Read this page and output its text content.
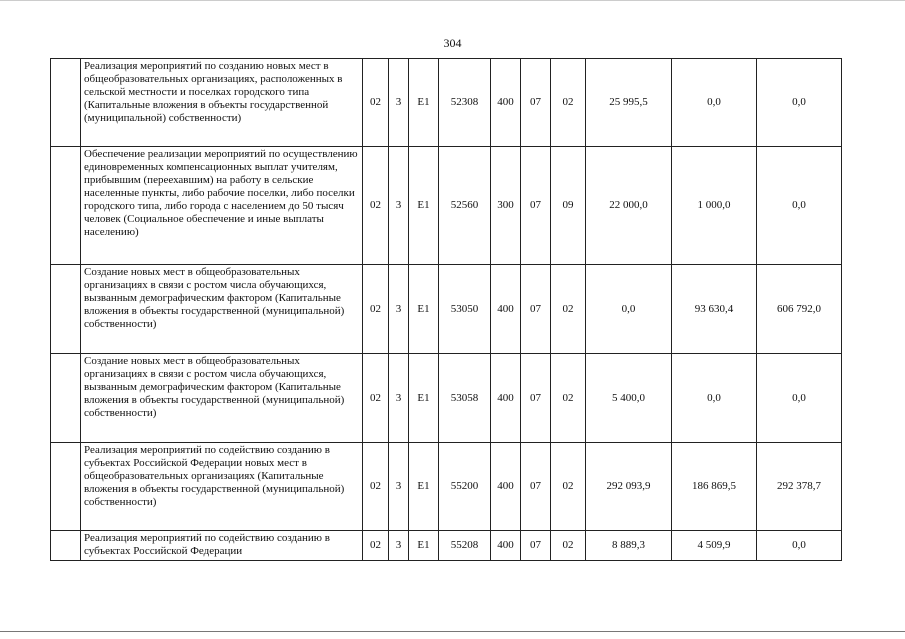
304
	Реализация мероприятий по созданию новых мест в общеобразовательных организациях, расположенных в сельской местности и поселках городского типа (Капитальные вложения в объекты государственной (муниципальной) собственности)	02	3	E1	52308	400	07	02	25 995,5	0,0	0,0
	Обеспечение реализации мероприятий по осуществлению единовременных компенсационных выплат учителям, прибывшим (переехавшим) на работу в сельские населенные пункты, либо рабочие поселки, либо поселки городского типа, либо города с населением до 50 тысяч человек (Социальное обеспечение и иные выплаты населению)	02	3	E1	52560	300	07	09	22 000,0	1 000,0	0,0
	Создание новых мест в общеобразовательных организациях в связи с ростом числа обучающихся, вызванным демографическим фактором (Капитальные вложения в объекты государственной (муниципальной) собственности)	02	3	E1	53050	400	07	02	0,0	93 630,4	606 792,0
	Создание новых мест в общеобразовательных организациях в связи с ростом числа обучающихся, вызванным демографическим фактором (Капитальные вложения в объекты государственной (муниципальной) собственности)	02	3	E1	53058	400	07	02	5 400,0	0,0	0,0
	Реализация мероприятий по содействию созданию в субъектах Российской Федерации новых мест в общеобразовательных организациях (Капитальные вложения в объекты государственной (муниципальной) собственности)	02	3	E1	55200	400	07	02	292 093,9	186 869,5	292 378,7
	Реализация мероприятий по содействию созданию в субъектах Российской Федерации	02	3	E1	55208	400	07	02	8 889,3	4 509,9	0,0
